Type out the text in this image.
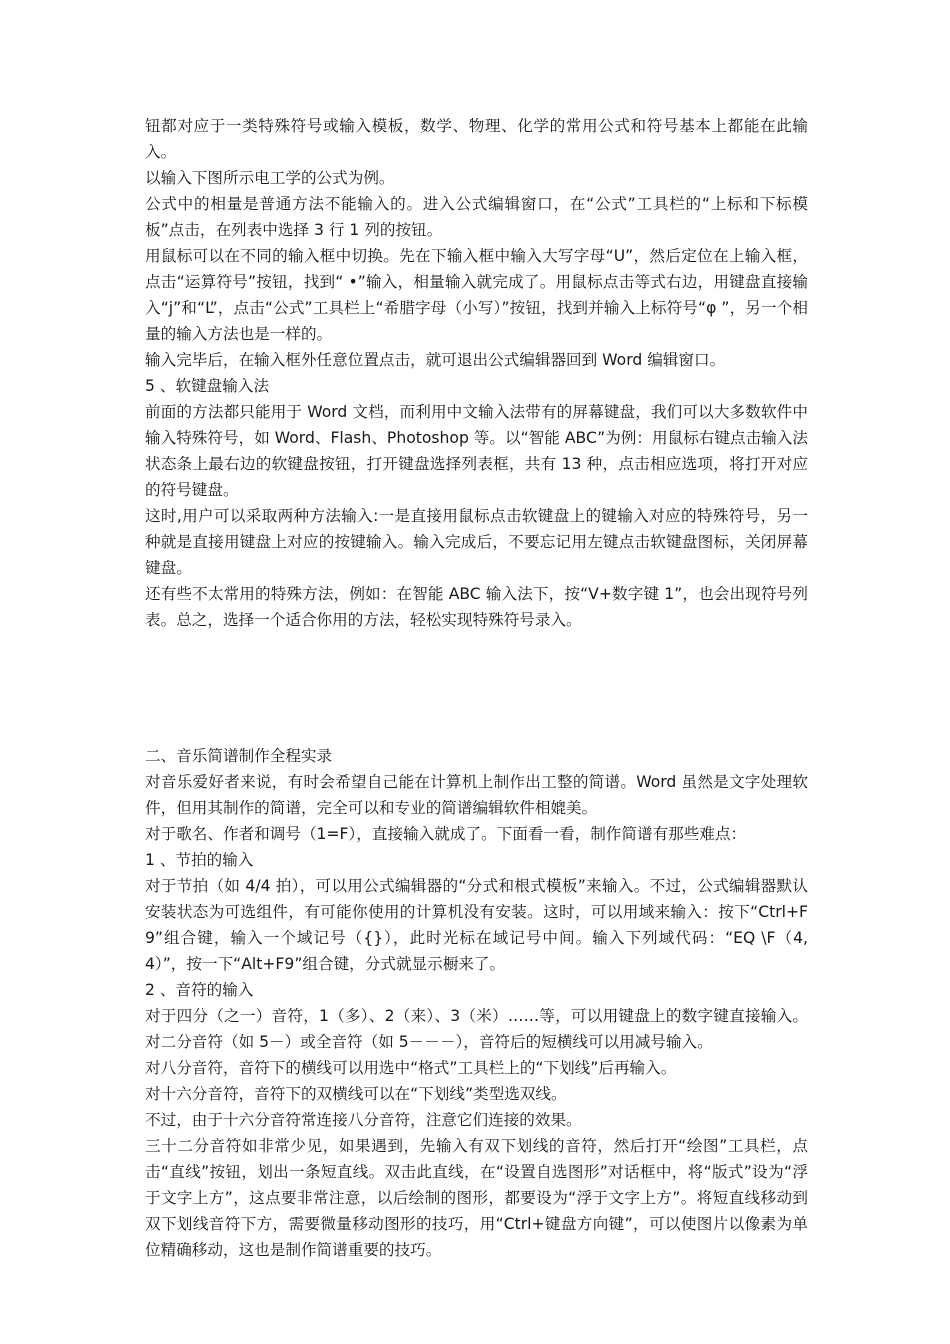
钮都对应于一类特殊符号或输入模板，数学、物理、化学的常用公式和符号基本上都能在此输入。

以输入下图所示电工学的公式为例。

公式中的相量是普通方法不能输入的。进入公式编辑窗口，在“公式”工具栏的“上标和下标模板”点击，在列表中选择 3 行 1 列的按钮。

用鼠标可以在不同的输入框中切换。先在下输入框中输入大写字母“U”，然后定位在上输入框，点击“运算符号”按钮，找到“ •”输入，相量输入就完成了。用鼠标点击等式右边，用键盘直接输入“j”和“L”，点击“公式”工具栏上“希腊字母（小写）”按钮，找到并输入上标符号“φ ”，另一个相量的输入方法也是一样的。

输入完毕后，在输入框外任意位置点击，就可退出公式编辑器回到 Word 编辑窗口。

5 、软键盘输入法

前面的方法都只能用于 Word 文档，而利用中文输入法带有的屏幕键盘，我们可以大多数软件中输入特殊符号，如 Word、Flash、Photoshop 等。以“智能 ABC”为例：用鼠标右键点击输入法状态条上最右边的软键盘按钮，打开键盘选择列表框，共有 13 种，点击相应选项，将打开对应的符号键盘。

这时,用户可以采取两种方法输入:一是直接用鼠标点击软键盘上的键输入对应的特殊符号，另一种就是直接用键盘上对应的按键输入。输入完成后，不要忘记用左键点击软键盘图标，关闭屏幕键盘。

还有些不太常用的特殊方法，例如：在智能 ABC 输入法下，按“V+数字键 1”，也会出现符号列表。总之，选择一个适合你用的方法，轻松实现特殊符号录入。

二、音乐简谱制作全程实录

对音乐爱好者来说，有时会希望自己能在计算机上制作出工整的简谱。Word 虽然是文字处理软件，但用其制作的简谱，完全可以和专业的简谱编辑软件相媲美。

对于歌名、作者和调号（1=F），直接输入就成了。下面看一看，制作简谱有那些难点：

1 、节拍的输入

对于节拍（如 4/4 拍），可以用公式编辑器的“分式和根式模板”来输入。不过，公式编辑器默认安装状态为可选组件，有可能你使用的计算机没有安装。这时，可以用域来输入：按下“Ctrl+F9”组合键，输入一个域记号（{}），此时光标在域记号中间。输入下列域代码：“EQ \F（4,4）”，按一下“Alt+F9”组合键，分式就显示橱来了。

2 、音符的输入

对于四分（之一）音符，1（多）、2（来）、3（米）……等，可以用键盘上的数字键直接输入。对二分音符（如 5－）或全音符（如 5－－－），音符后的短横线可以用减号输入。

对八分音符，音符下的横线可以用选中“格式”工具栏上的“下划线”后再输入。

对十六分音符，音符下的双横线可以在“下划线”类型选双线。

不过，由于十六分音符常连接八分音符，注意它们连接的效果。

三十二分音符如非常少见，如果遇到，先输入有双下划线的音符，然后打开“绘图”工具栏，点击“直线”按钮，划出一条短直线。双击此直线，在“设置自选图形”对话框中，将“版式”设为“浮于文字上方”，这点要非常注意，以后绘制的图形，都要设为“浮于文字上方”。将短直线移动到双下划线音符下方，需要微量移动图形的技巧，用“Ctrl+键盘方向键”，可以使图片以像素为单位精确移动，这也是制作简谱重要的技巧。
